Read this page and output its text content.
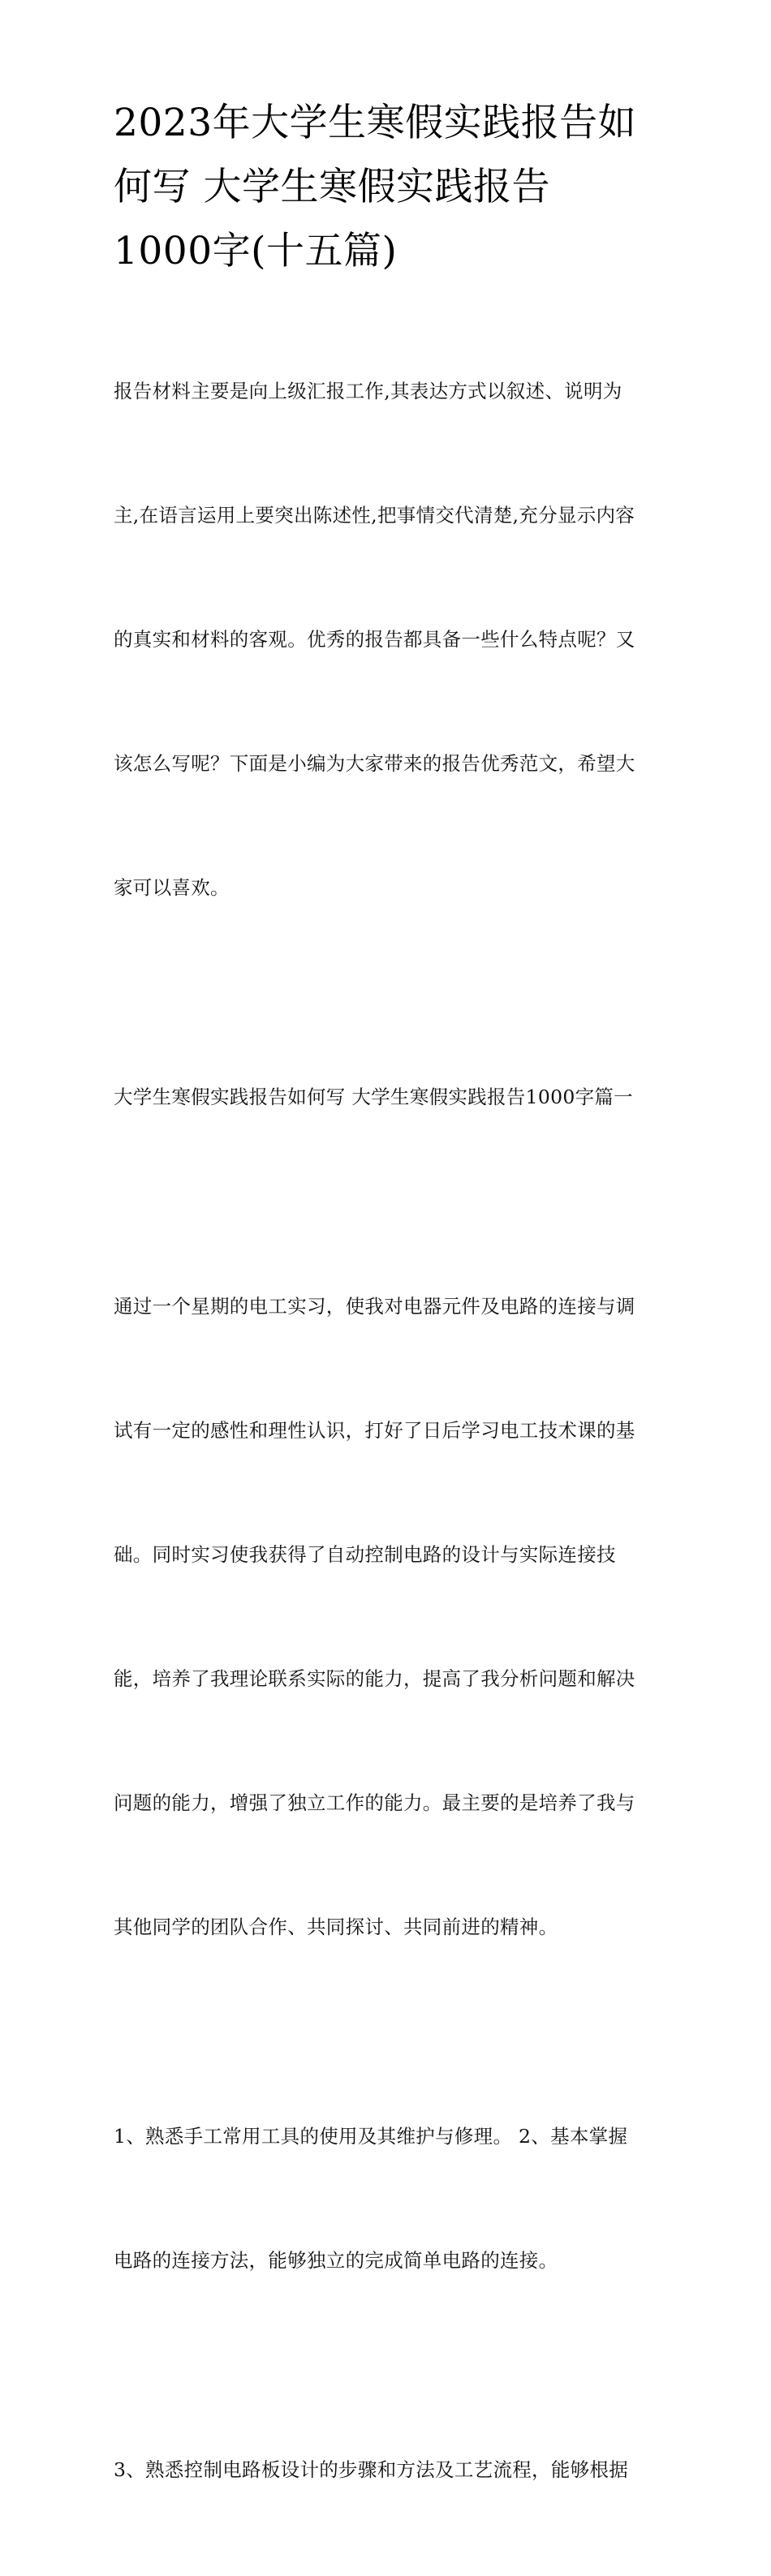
2023年大学生寒假实践报告如
何写 大学生寒假实践报告
1000字(十五篇)

报告材料主要是向上级汇报工作,其表达方式以叙述、说明为

主,在语言运用上要突出陈述性,把事情交代清楚,充分显示内容

的真实和材料的客观。优秀的报告都具备一些什么特点呢？又

该怎么写呢？下面是小编为大家带来的报告优秀范文，希望大

家可以喜欢。

大学生寒假实践报告如何写 大学生寒假实践报告1000字篇一

通过一个星期的电工实习，使我对电器元件及电路的连接与调

试有一定的感性和理性认识，打好了日后学习电工技术课的基

础。同时实习使我获得了自动控制电路的设计与实际连接技

能，培养了我理论联系实际的能力，提高了我分析问题和解决

问题的能力，增强了独立工作的能力。最主要的是培养了我与

其他同学的团队合作、共同探讨、共同前进的精神。

1、熟悉手工常用工具的使用及其维护与修理。 2、基本掌握

电路的连接方法，能够独立的完成简单电路的连接。

3、熟悉控制电路板设计的步骤和方法及工艺流程，能够根据
